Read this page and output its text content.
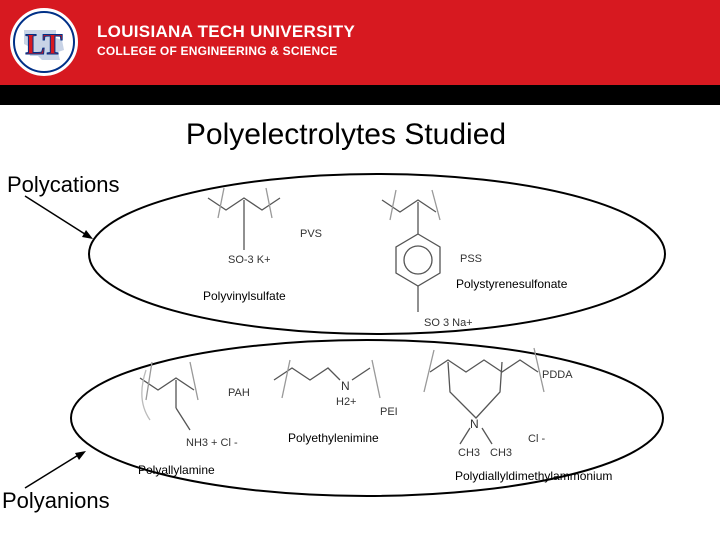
LT LOUISIANA TECH UNIVERSITY
COLLEGE OF ENGINEERING & SCIENCE
Polyelectrolytes Studied
Polycations
Polyanions
PVS
SO-3 K+	PSS
SO 3 Na+
PAH
NH3 + Cl -
N
H2+
PEI
PDDA
N
CH3 CH3
Cl -
Polyvinylsulfate
Polystyrenesulfonate
Polyallylamine
Polyethylenimine
Polydiallyldimethylammonium
